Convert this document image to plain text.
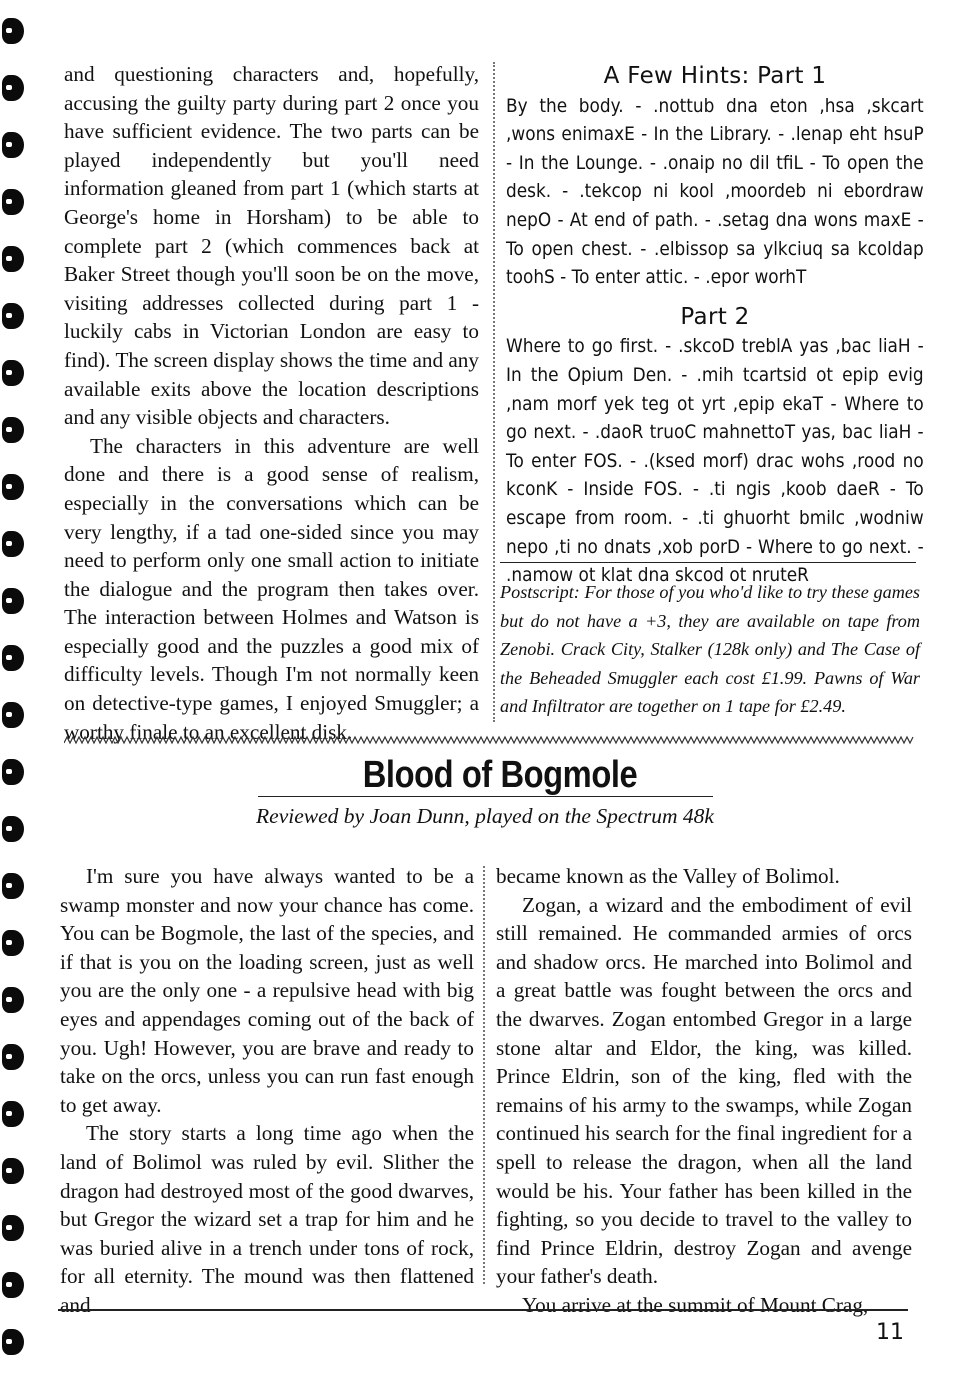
and questioning characters and, hopefully, accusing the guilty party during part 2 once you have sufficient evidence. The two parts can be played independently but you'll need information gleaned from part 1 (which starts at George's home in Horsham) to be able to complete part 2 (which commences back at Baker Street though you'll soon be on the move, visiting addresses collected during part 1 - luckily cabs in Victorian London are easy to find). The screen display shows the time and any available exits above the location descriptions and any visible objects and characters.

The characters in this adventure are well done and there is a good sense of realism, especially in the conversations which can be very lengthy, if a tad one-sided since you may need to perform only one small action to initiate the dialogue and the program then takes over. The interaction between Holmes and Watson is especially good and the puzzles a good mix of difficulty levels. Though I'm not normally keen on detective-type games, I enjoyed Smuggler; a worthy finale to an excellent disk.

A Few Hints: Part 1
By the body. - .nottub dna eton ,hsa ,skcart ,wons enimaxE - In the Library. - .lenap eht hsuP - In the Lounge. - .onaip no dil tfiL - To open the desk. - .tekcop ni kool ,moordeb ni ebordraw nepO - At end of path. - .setag dna wons maxE - To open chest. - .elbissop sa ylkciuq sa kcoldap toohS - To enter attic. - .epor worhT
Part 2
Where to go first. - .skcoD treblA yas ,bac liaH - In the Opium Den. - .mih tcartsid ot epip evig ,nam morf yek teg ot yrt ,epip ekaT - Where to go next. - .daoR truoC mahnettoT yas, bac liaH - To enter FOS. - .(ksed morf) drac wohs ,rood no kconK - Inside FOS. - .ti ngis ,koob daeR - To escape from room. - .ti ghuorht bmilc ,wodniw nepo ,ti no dnats ,xob porD - Where to go next. - .namow ot klat dna skcod ot nruteR
Postscript: For those of you who'd like to try these games but do not have a +3, they are available on tape from Zenobi. Crack City, Stalker (128k only) and The Case of the Beheaded Smuggler each cost £1.99. Pawns of War and Infiltrator are together on 1 tape for £2.49.
Blood of Bogmole
Reviewed by Joan Dunn, played on the Spectrum 48k

I'm sure you have always wanted to be a swamp monster and now your chance has come. You can be Bogmole, the last of the species, and if that is you on the loading screen, just as well you are the only one - a repulsive head with big eyes and appendages coming out of the back of you. Ugh! However, you are brave and ready to take on the orcs, unless you can run fast enough to get away.

The story starts a long time ago when the land of Bolimol was ruled by evil. Slither the dragon had destroyed most of the good dwarves, but Gregor the wizard set a trap for him and he was buried alive in a trench under tons of rock, for all eternity. The mound was then flattened and

became known as the Valley of Bolimol.

Zogan, a wizard and the embodiment of evil still remained. He commanded armies of orcs and shadow orcs. He marched into Bolimol and a great battle was fought between the orcs and the dwarves. Zogan entombed Gregor in a large stone altar and Eldor, the king, was killed. Prince Eldrin, son of the king, fled with the remains of his army to the swamps, while Zogan continued his search for the final ingredient for a spell to release the dragon, when all the land would be his. Your father has been killed in the fighting, so you decide to travel to the valley to find Prince Eldrin, destroy Zogan and avenge your father's death.

You arrive at the summit of Mount Crag,

11
